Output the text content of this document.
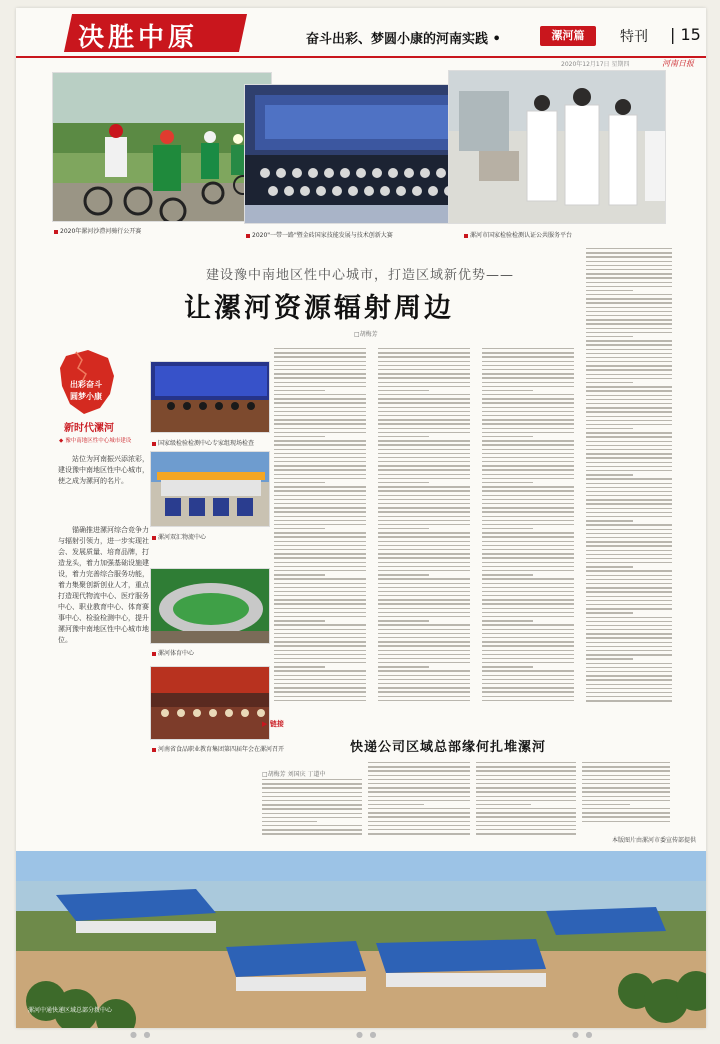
决胜中原	奋斗出彩、梦圆小康的河南实践 •	漯河篇	特刊 | 15
2020年12月17日 星期四	河南日报
2020年漯河沙澧河骑行公开赛
2020"一带一路"暨金砖国家技能发展与技术创新大赛	漯河市国家检验检测认证公共服务平台
建设豫中南地区性中心城市，打造区域新优势——
让漯河资源辐射周边
□胡梅芳
出彩奋斗
圆梦小康
新时代漯河
◆ 豫中南地区性中心城市建设
站位为河南振兴添浓彩，建设豫中南地区性中心城市，使之成为漯河的名片。
锚确推进漯河综合竞争力与辐射引领力，进一步实现社会、发展质量、培育品牌，打造龙头，着力加强基础设施建设，着力完善综合服务功能，着力集聚创新创业人才，重点打造现代物流中心、医疗服务中心、职业教育中心、体育赛事中心、检验检测中心，提升漯河豫中南地区性中心城市地位。
国家级检验检测中心专家组现场检查
漯河双汇物流中心
漯河体育中心
河南省食品职业教育集团第四届年会在漯河召开
▶ 链接
快递公司区域总部缘何扎堆漯河
□胡梅芳 刘国庆 丁道中
本版图片由漯河市委宣传部提供
漯河中通快递区域总部分拨中心
● ●	● ●	● ●
